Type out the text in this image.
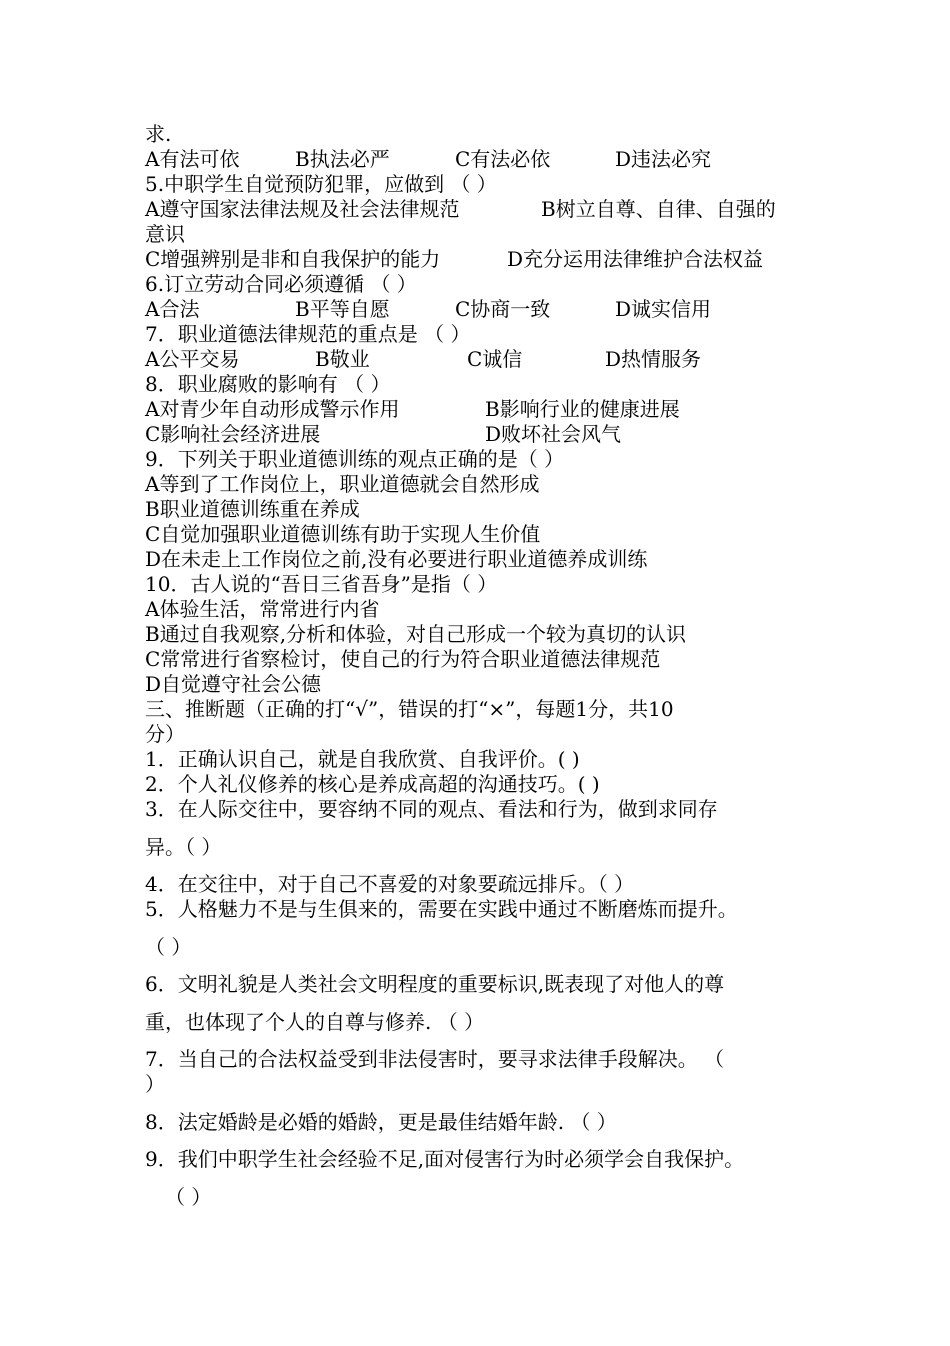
求.
A有法可依	B执法必严	C有法必依	D违法必究
5.中职学生自觉预防犯罪，应做到 （ ）
A遵守国家法律法规及社会法律规范	B树立自尊、自律、自强的
意识
C增强辨别是非和自我保护的能力	D充分运用法律维护合法权益
6.订立劳动合同必须遵循 （ ）
A合法	B平等自愿	C协商一致	D诚实信用
7．职业道德法律规范的重点是 （ ）
A公平交易	B敬业	C诚信	D热情服务
8．职业腐败的影响有 （ ）
A对青少年自动形成警示作用	B影响行业的健康进展
C影响社会经济进展	D败坏社会风气
9．下列关于职业道德训练的观点正确的是（ ）
A等到了工作岗位上，职业道德就会自然形成
B职业道德训练重在养成
C自觉加强职业道德训练有助于实现人生价值
D在未走上工作岗位之前,没有必要进行职业道德养成训练
10．古人说的“吾日三省吾身”是指（ ）
A体验生活，常常进行内省
B通过自我观察,分析和体验，对自己形成一个较为真切的认识
C常常进行省察检讨，使自己的行为符合职业道德法律规范
D自觉遵守社会公德
三、推断题（正确的打“√”，错误的打“×”，每题1分，共10
分）
1．正确认识自己，就是自我欣赏、自我评价。( )
2．个人礼仪修养的核心是养成高超的沟通技巧。( )
3．在人际交往中，要容纳不同的观点、看法和行为，做到求同存
异。（ ）
4．在交往中，对于自己不喜爱的对象要疏远排斥。（ ）
5．人格魅力不是与生俱来的，需要在实践中通过不断磨炼而提升。
（ ）
6．文明礼貌是人类社会文明程度的重要标识,既表现了对他人的尊
重，也体现了个人的自尊与修养. （ ）
7．当自己的合法权益受到非法侵害时，要寻求法律手段解决。 （
）
8．法定婚龄是必婚的婚龄，更是最佳结婚年龄. （ ）
9．我们中职学生社会经验不足,面对侵害行为时必须学会自我保护。
（ ）
